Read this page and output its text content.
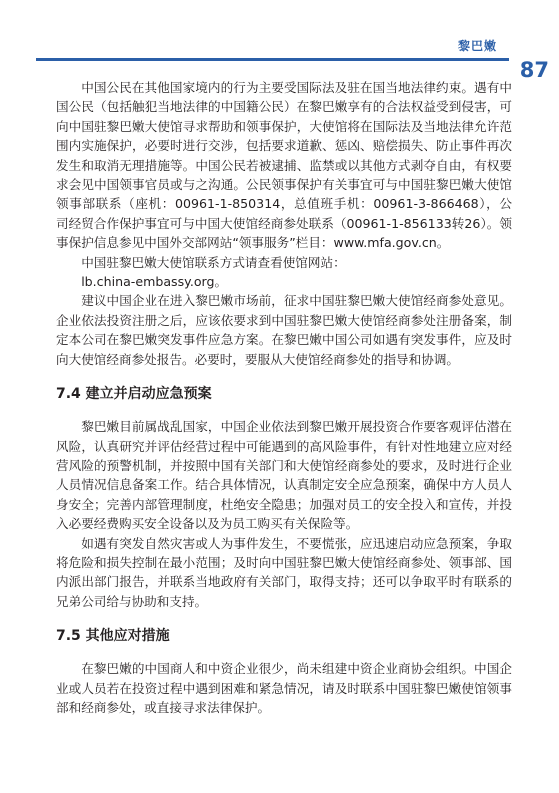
黎巴嫩
87

中国公民在其他国家境内的行为主要受国际法及驻在国当地法律约束。遇有中国公民（包括触犯当地法律的中国籍公民）在黎巴嫩享有的合法权益受到侵害，可向中国驻黎巴嫩大使馆寻求帮助和领事保护，大使馆将在国际法及当地法律允许范围内实施保护，必要时进行交涉，包括要求道歉、惩凶、赔偿损失、防止事件再次发生和取消无理措施等。中国公民若被逮捕、监禁或以其他方式剥夺自由，有权要求会见中国领事官员或与之沟通。公民领事保护有关事宜可与中国驻黎巴嫩大使馆领事部联系（座机：00961-1-850314，总值班手机：00961-3-866468），公司经贸合作保护事宜可与中国大使馆经商参处联系（00961-1-856133转26）。领事保护信息参见中国外交部网站“领事服务”栏目：www.mfa.gov.cn。

中国驻黎巴嫩大使馆联系方式请查看使馆网站：

lb.china-embassy.org。

建议中国企业在进入黎巴嫩市场前，征求中国驻黎巴嫩大使馆经商参处意见。企业依法投资注册之后，应该依要求到中国驻黎巴嫩大使馆经商参处注册备案，制定本公司在黎巴嫩突发事件应急方案。在黎巴嫩中国公司如遇有突发事件，应及时向大使馆经商参处报告。必要时，要服从大使馆经商参处的指导和协调。

7.4 建立并启动应急预案

黎巴嫩目前属战乱国家，中国企业依法到黎巴嫩开展投资合作要客观评估潜在风险，认真研究并评估经营过程中可能遇到的高风险事件，有针对性地建立应对经营风险的预警机制，并按照中国有关部门和大使馆经商参处的要求，及时进行企业人员情况信息备案工作。结合具体情况，认真制定安全应急预案，确保中方人员人身安全；完善内部管理制度，杜绝安全隐患；加强对员工的安全投入和宣传，并投入必要经费购买安全设备以及为员工购买有关保险等。

如遇有突发自然灾害或人为事件发生，不要慌张，应迅速启动应急预案，争取将危险和损失控制在最小范围；及时向中国驻黎巴嫩大使馆经商参处、领事部、国内派出部门报告，并联系当地政府有关部门，取得支持；还可以争取平时有联系的兄弟公司给与协助和支持。

7.5 其他应对措施

在黎巴嫩的中国商人和中资企业很少，尚未组建中资企业商协会组织。中国企业或人员若在投资过程中遇到困难和紧急情况，请及时联系中国驻黎巴嫩使馆领事部和经商参处，或直接寻求法律保护。
